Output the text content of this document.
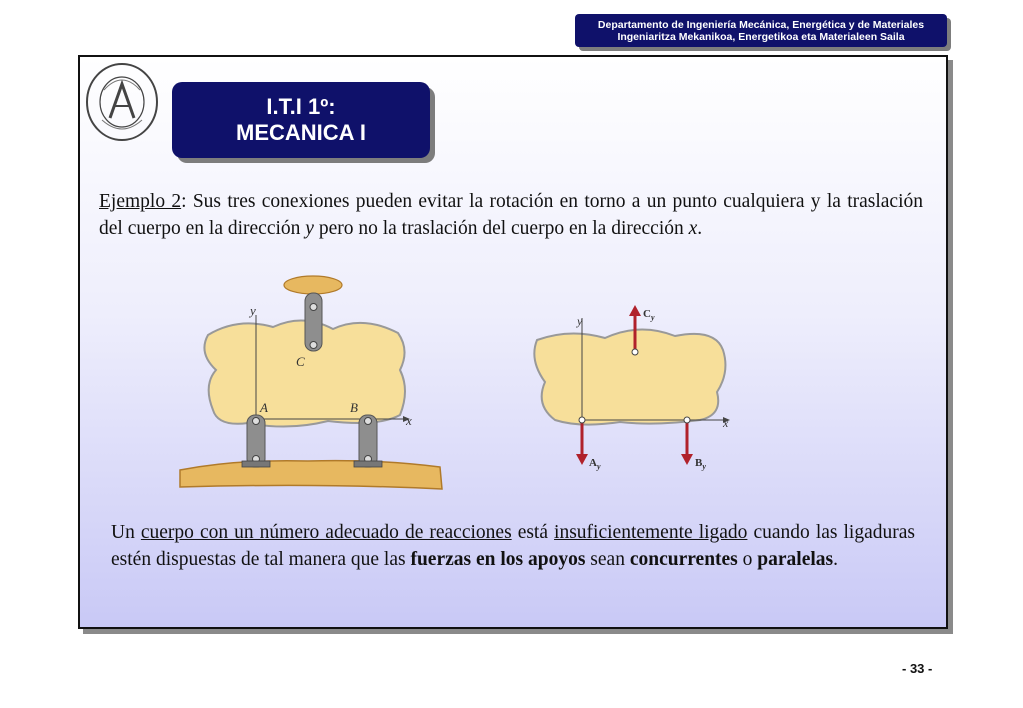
Departamento de Ingeniería Mecánica, Energética y de Materiales
Ingeniaritza Mekanikoa, Energetikoa eta Materialeen Saila
I.T.I 1º:
MECANICA I
Ejemplo 2: Sus tres conexiones pueden evitar la rotación en torno a un punto cualquiera y la traslación del cuerpo en la dirección y pero no la traslación del cuerpo en la dirección x.
y
x
C
A	B
y
x
$C_y$
$A_y$	$B_y$
Un cuerpo con un número adecuado de reacciones está insuficientemente ligado cuando las ligaduras estén dispuestas de tal manera que las fuerzas en los apoyos sean concurrentes o paralelas.
- 33 -
